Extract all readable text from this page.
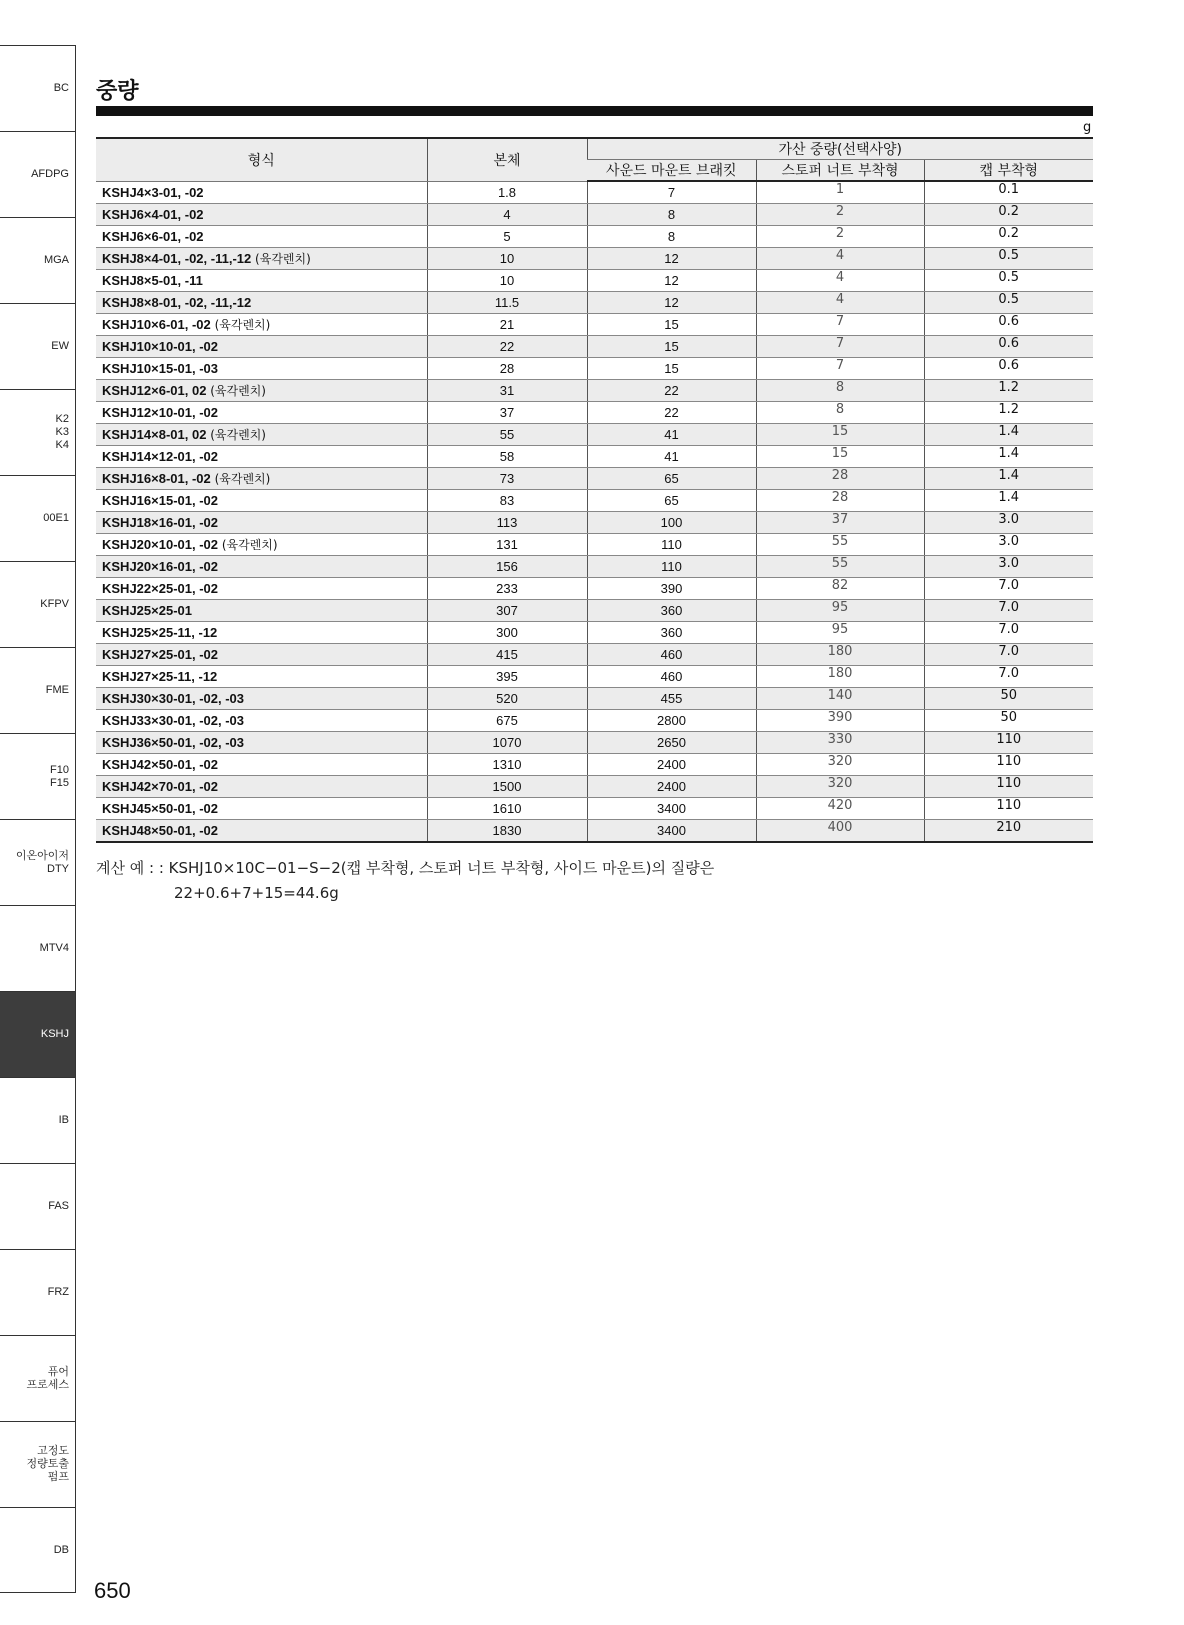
BC
AFDPG
MGA
EW
K2
K3
K4
00E1
KFPV
FME
F10
F15
이온아이저
DTY
MTV4
KSHJ
IB
FAS
FRZ
퓨어
프로세스
고정도
정량토출
펌프
DB
중량
g
형식	본체	가산 중량(선택사양)		
		사운드 마운트 브래킷	스토퍼 너트 부착형	캡 부착형
KSHJ4×3-01, -02	1.8	7	1	0.1
KSHJ6×4-01, -02	4	8	2	0.2
KSHJ6×6-01, -02	5	8	2	0.2
KSHJ8×4-01, -02, -11,-12 (육각렌치)	10	12	4	0.5
KSHJ8×5-01, -11	10	12	4	0.5
KSHJ8×8-01, -02, -11,-12	11.5	12	4	0.5
KSHJ10×6-01, -02 (육각렌치)	21	15	7	0.6
KSHJ10×10-01, -02	22	15	7	0.6
KSHJ10×15-01, -03	28	15	7	0.6
KSHJ12×6-01, 02 (육각렌치)	31	22	8	1.2
KSHJ12×10-01, -02	37	22	8	1.2
KSHJ14×8-01, 02 (육각렌치)	55	41	15	1.4
KSHJ14×12-01, -02	58	41	15	1.4
KSHJ16×8-01, -02 (육각렌치)	73	65	28	1.4
KSHJ16×15-01, -02	83	65	28	1.4
KSHJ18×16-01, -02	113	100	37	3.0
KSHJ20×10-01, -02 (육각렌치)	131	110	55	3.0
KSHJ20×16-01, -02	156	110	55	3.0
KSHJ22×25-01, -02	233	390	82	7.0
KSHJ25×25-01	307	360	95	7.0
KSHJ25×25-11, -12	300	360	95	7.0
KSHJ27×25-01, -02	415	460	180	7.0
KSHJ27×25-11, -12	395	460	180	7.0
KSHJ30×30-01, -02, -03	520	455	140	50
KSHJ33×30-01, -02, -03	675	2800	390	50
KSHJ36×50-01, -02, -03	1070	2650	330	110
KSHJ42×50-01, -02	1310	2400	320	110
KSHJ42×70-01, -02	1500	2400	320	110
KSHJ45×50-01, -02	1610	3400	420	110
KSHJ48×50-01, -02	1830	3400	400	210
계산 예 : : KSHJ10×10C−01−S−2(캡 부착형, 스토퍼 너트 부착형, 사이드 마운트)의 질량은
22+0.6+7+15=44.6g
650
